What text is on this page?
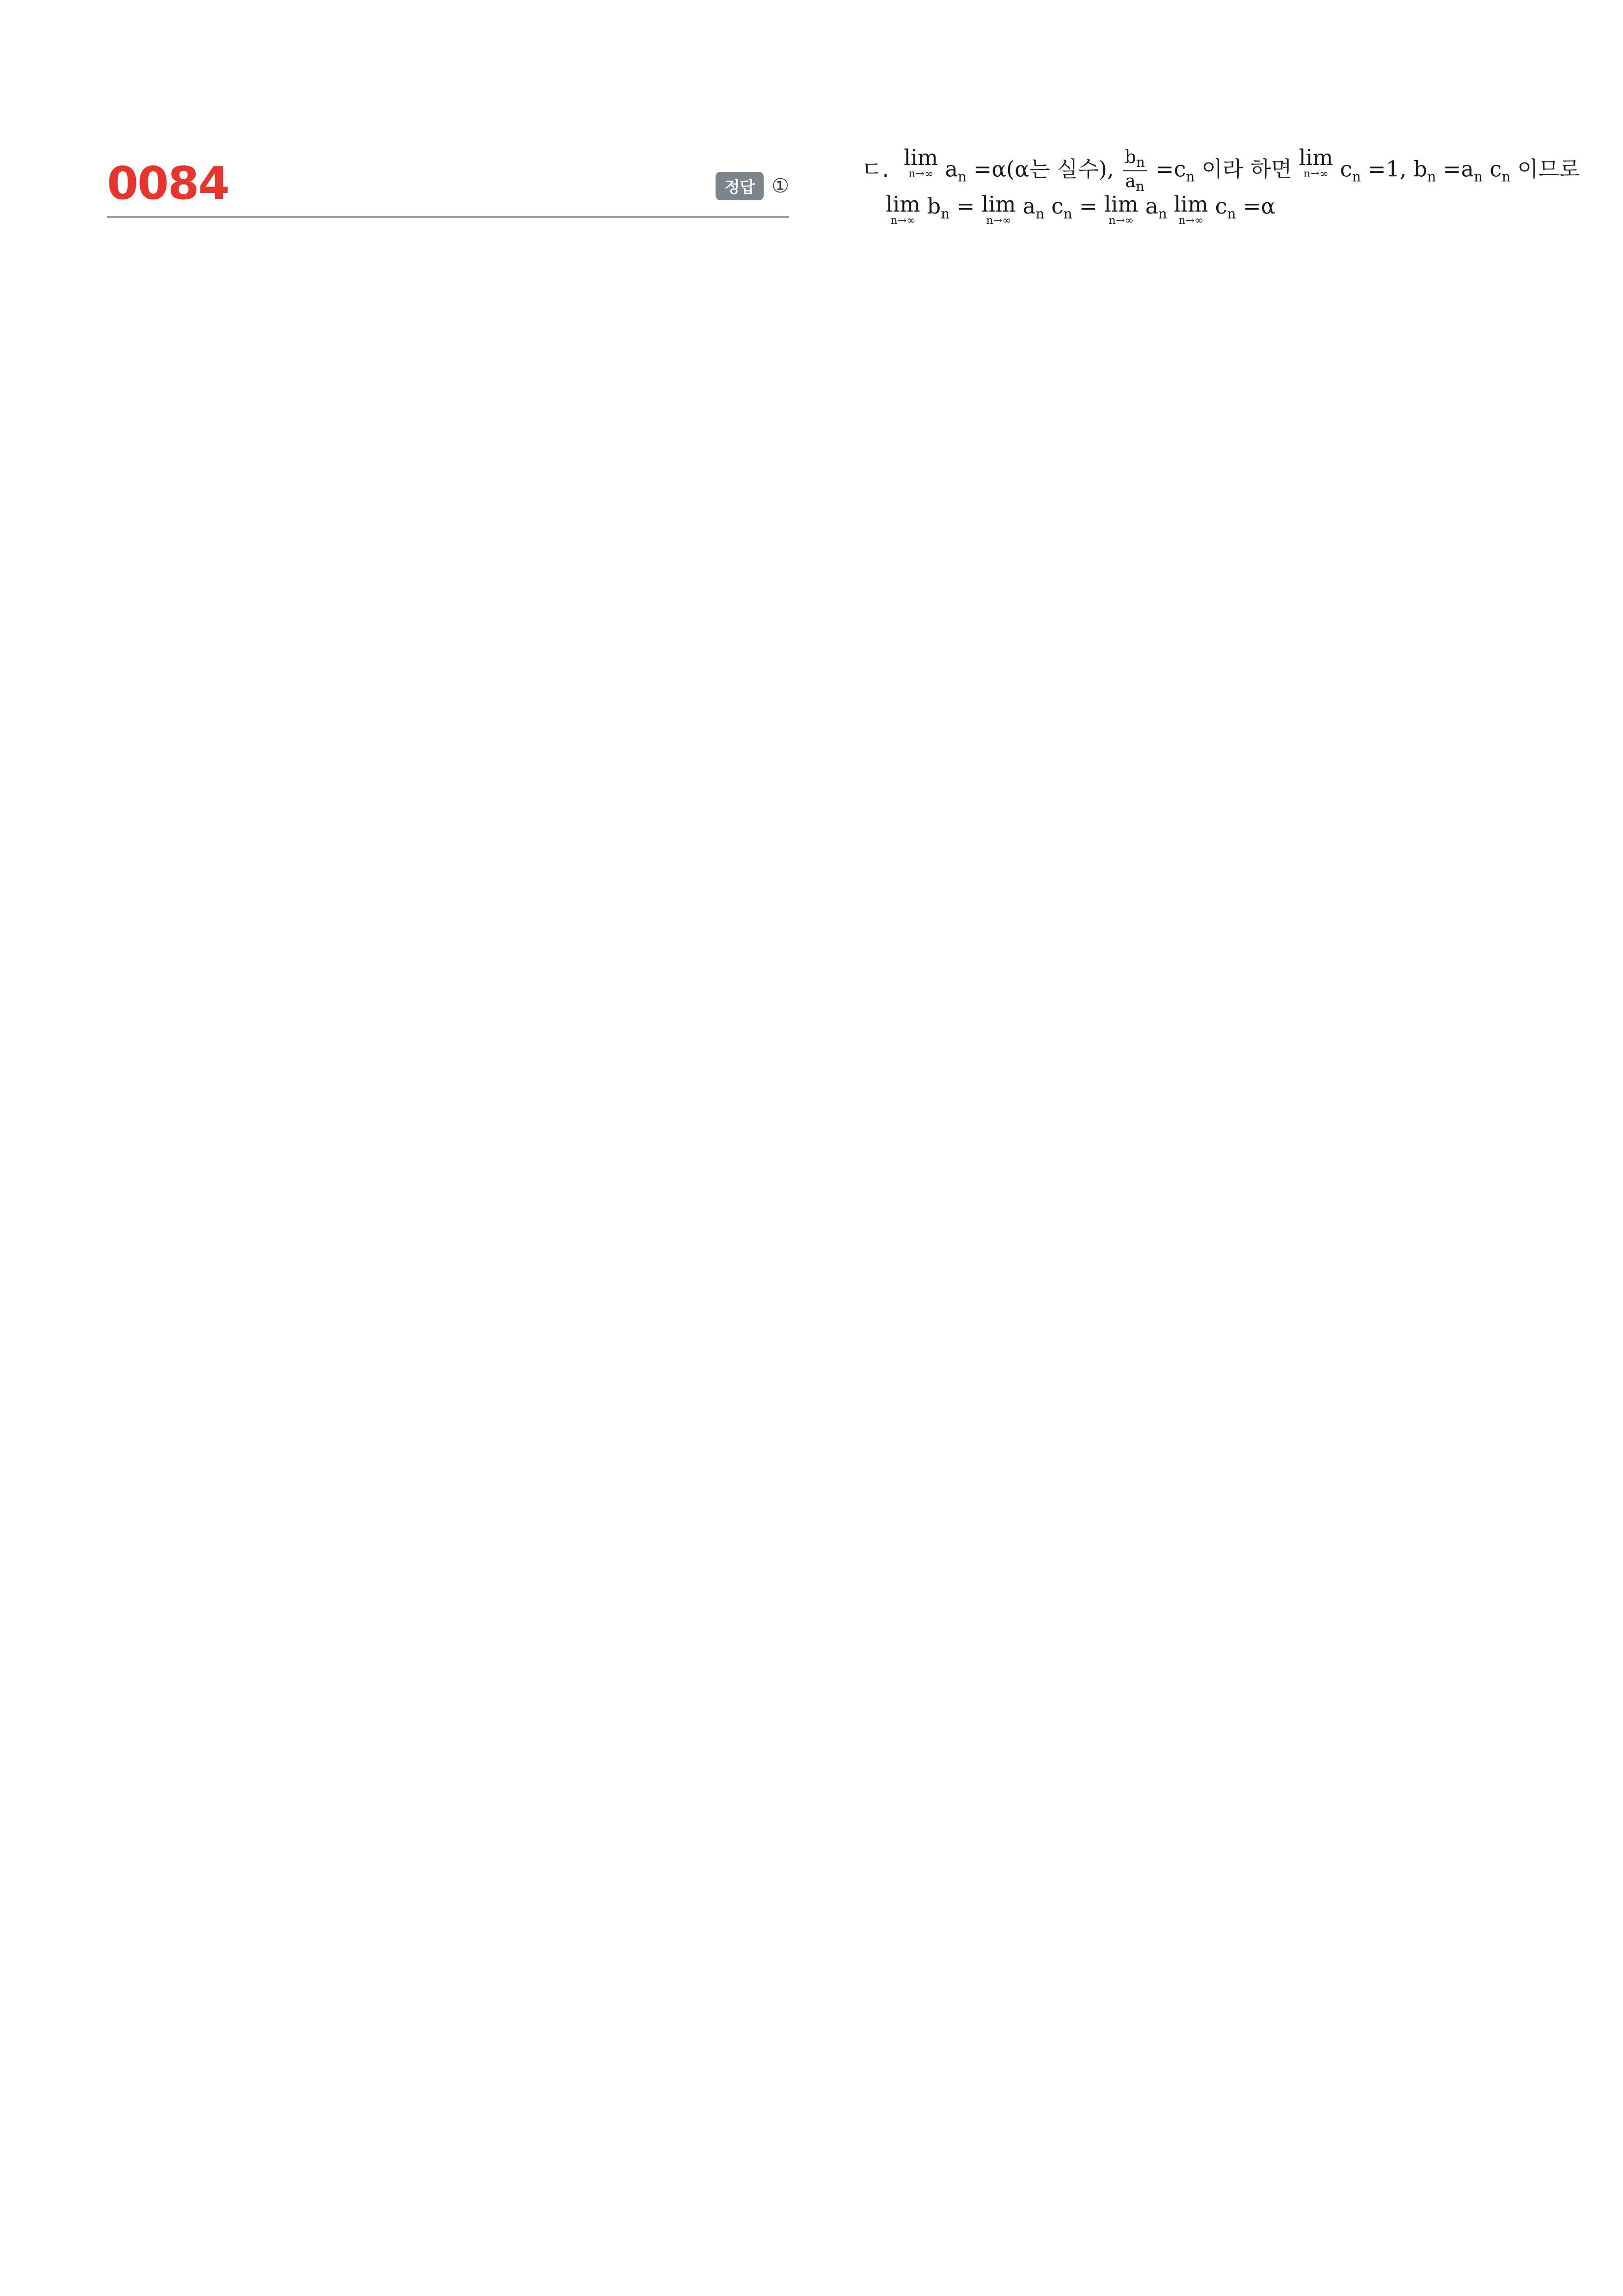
0084	정답 ①
ㄷ. lim
n→∞ $a_n =\alpha(\alpha$는 실수), $\frac{b_n}{a_n} =c_n$ 이라 하면 lim
n→∞ $c_n =1$, $b_n =a_n$ $c_n$ 이므로
lim
n→∞
$b_n = \lim$
n→∞
$a_n$ $c_n = \lim$
n→∞
$a_n$ lim
n→∞
$c_n =\alpha$
